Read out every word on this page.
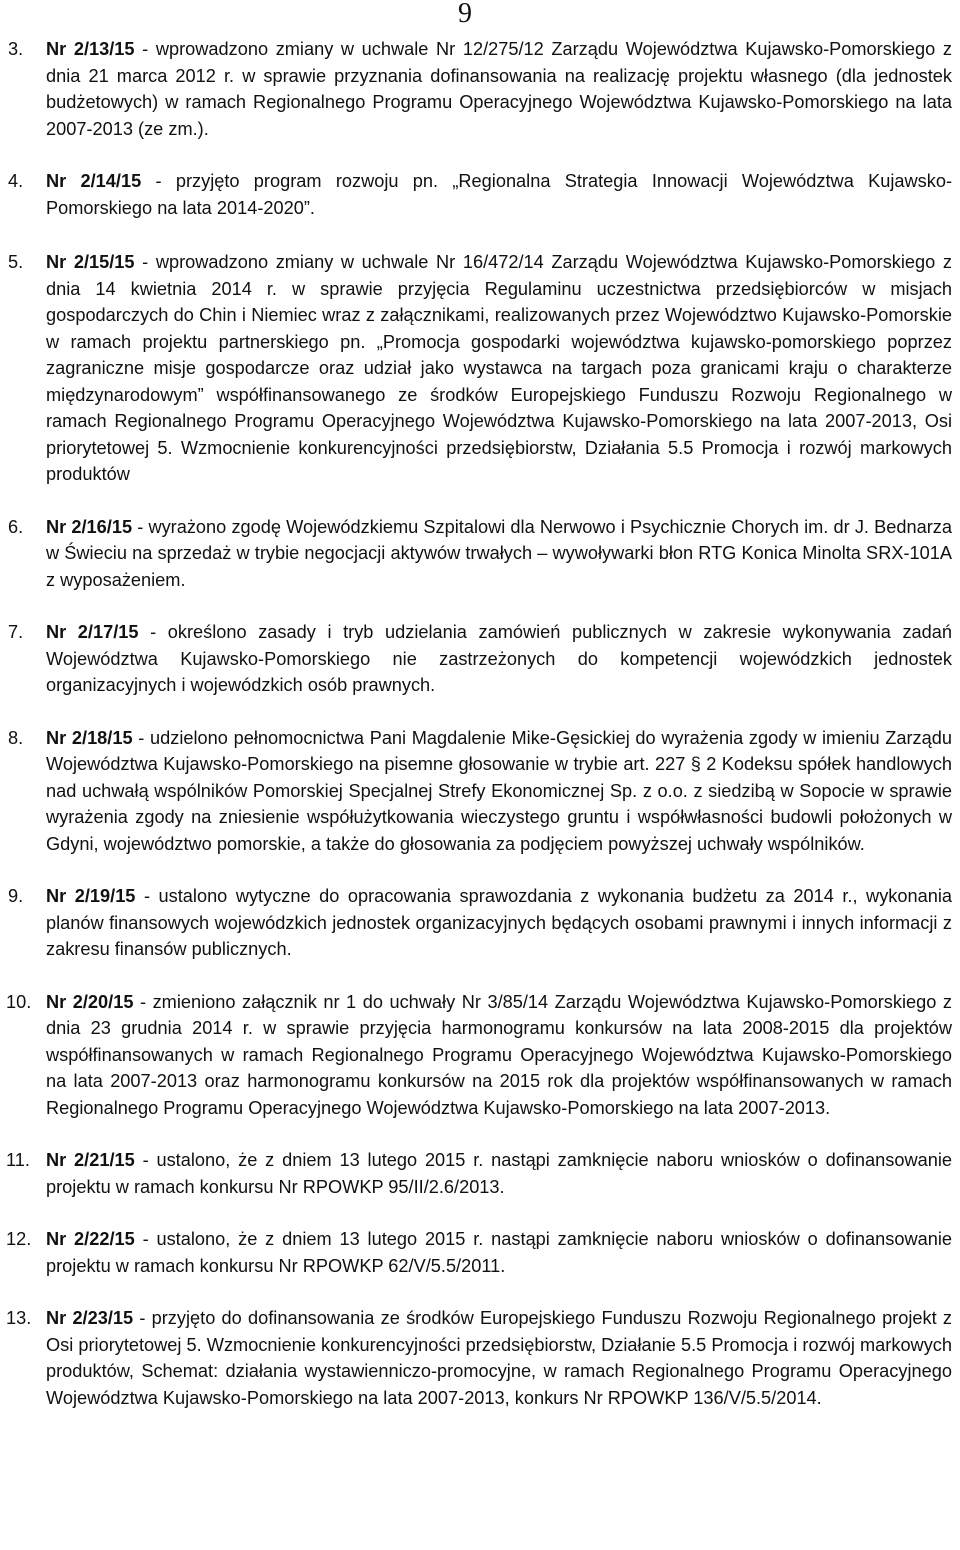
9
3. Nr 2/13/15 - wprowadzono zmiany w uchwale Nr 12/275/12 Zarządu Województwa Kujawsko-Pomorskiego z dnia 21 marca 2012 r. w sprawie przyznania dofinansowania na realizację projektu własnego (dla jednostek budżetowych) w ramach Regionalnego Programu Operacyjnego Województwa Kujawsko-Pomorskiego na lata 2007-2013 (ze zm.).
4. Nr 2/14/15 - przyjęto program rozwoju pn. „Regionalna Strategia Innowacji Województwa Kujawsko-Pomorskiego na lata 2014-2020”.
5. Nr 2/15/15 - wprowadzono zmiany w uchwale Nr 16/472/14 Zarządu Województwa Kujawsko-Pomorskiego z dnia 14 kwietnia 2014 r. w sprawie przyjęcia Regulaminu uczestnictwa przedsiębiorców w misjach gospodarczych do Chin i Niemiec wraz z załącznikami, realizowanych przez Województwo Kujawsko-Pomorskie w ramach projektu partnerskiego pn. „Promocja gospodarki województwa kujawsko-pomorskiego poprzez zagraniczne misje gospodarcze oraz udział jako wystawca na targach poza granicami kraju o charakterze międzynarodowym” współfinansowanego ze środków Europejskiego Funduszu Rozwoju Regionalnego w ramach Regionalnego Programu Operacyjnego Województwa Kujawsko-Pomorskiego na lata 2007-2013, Osi priorytetowej 5. Wzmocnienie konkurencyjności przedsiębiorstw, Działania 5.5 Promocja i rozwój markowych produktów
6. Nr 2/16/15 - wyrażono zgodę Wojewódzkiemu Szpitalowi dla Nerwowo i Psychicznie Chorych im. dr J. Bednarza w Świeciu na sprzedaż w trybie negocjacji aktywów trwałych – wywoływarki błon RTG Konica Minolta SRX-101A z wyposażeniem.
7. Nr 2/17/15 - określono zasady i tryb udzielania zamówień publicznych w zakresie wykonywania zadań Województwa Kujawsko-Pomorskiego nie zastrzeżonych do kompetencji wojewódzkich jednostek organizacyjnych i wojewódzkich osób prawnych.
8. Nr 2/18/15 - udzielono pełnomocnictwa Pani Magdalenie Mike-Gęsickiej do wyrażenia zgody w imieniu Zarządu Województwa Kujawsko-Pomorskiego na pisemne głosowanie w trybie art. 227 § 2 Kodeksu spółek handlowych nad uchwałą wspólników Pomorskiej Specjalnej Strefy Ekonomicznej Sp. z o.o. z siedzibą w Sopocie w sprawie wyrażenia zgody na zniesienie współużytkowania wieczystego gruntu i współwłasności budowli położonych w Gdyni, województwo pomorskie, a także do głosowania za podjęciem powyższej uchwały wspólników.
9. Nr 2/19/15 - ustalono wytyczne do opracowania sprawozdania z wykonania budżetu za 2014 r., wykonania planów finansowych wojewódzkich jednostek organizacyjnych będących osobami prawnymi i innych informacji z zakresu finansów publicznych.
10. Nr 2/20/15 - zmieniono załącznik nr 1 do uchwały Nr 3/85/14 Zarządu Województwa Kujawsko-Pomorskiego z dnia 23 grudnia 2014 r. w sprawie przyjęcia harmonogramu konkursów na lata 2008-2015 dla projektów współfinansowanych w ramach Regionalnego Programu Operacyjnego Województwa Kujawsko-Pomorskiego na lata 2007-2013 oraz harmonogramu konkursów na 2015 rok dla projektów współfinansowanych w ramach Regionalnego Programu Operacyjnego Województwa Kujawsko-Pomorskiego na lata 2007-2013.
11. Nr 2/21/15 - ustalono, że z dniem 13 lutego 2015 r. nastąpi zamknięcie naboru wniosków o dofinansowanie projektu w ramach konkursu Nr RPOWKP 95/II/2.6/2013.
12. Nr 2/22/15 - ustalono, że z dniem 13 lutego 2015 r. nastąpi zamknięcie naboru wniosków o dofinansowanie projektu w ramach konkursu Nr RPOWKP 62/V/5.5/2011.
13. Nr 2/23/15 - przyjęto do dofinansowania ze środków Europejskiego Funduszu Rozwoju Regionalnego projekt z Osi priorytetowej 5. Wzmocnienie konkurencyjności przedsiębiorstw, Działanie 5.5 Promocja i rozwój markowych produktów, Schemat: działania wystawienniczo-promocyjne, w ramach Regionalnego Programu Operacyjnego Województwa Kujawsko-Pomorskiego na lata 2007-2013, konkurs Nr RPOWKP 136/V/5.5/2014.
